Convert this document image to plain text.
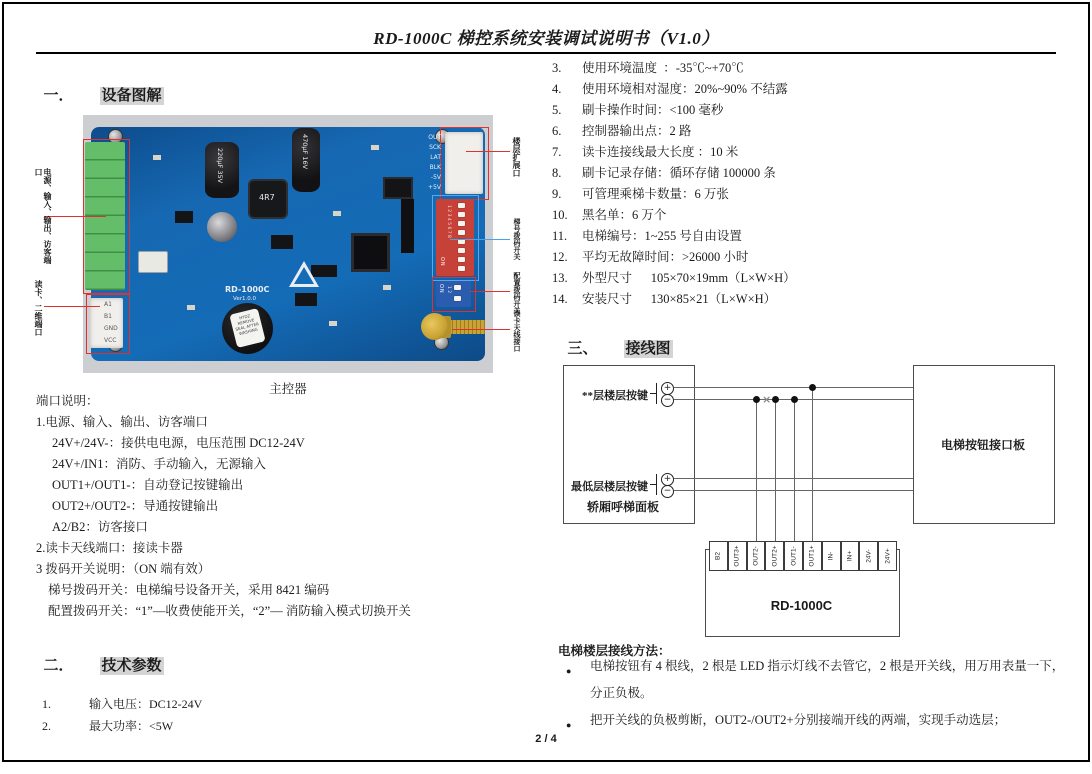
RD-1000C 梯控系统安装调试说明书（V1.0）

一． 设备图解

A1
B1
GND
VCC
OUT
SCK
LAT
BLK
-5V
+5V
ON
1 2 3 4 5 6 7 8
ON 1 2
HYDZ REMOVE SEAL AFTER WASHING
220μF 35V	470μF 16V
4R7
RD-1000C
Ver1.0.0
电源、输入、输出、访客端口
读卡、二维端口
楼层扩展口
梯号拨码开关
配置拨码开关
读卡天线接口
主控器
端口说明：
1.电源、输入、输出、访客端口
24V+/24V-：接供电电源，电压范围 DC12-24V
24V+/IN1：消防、手动输入，无源输入
OUT1+/OUT1-：自动登记按键输出
OUT2+/OUT2-：导通按键输出
A2/B2：访客接口
2.读卡天线端口：接读卡器
3 拨码开关说明：（ON 端有效）
梯号拨码开关：电梯编号设备开关，采用 8421 编码
配置拨码开关：“1”—收费使能开关，“2”— 消防输入模式切换开关

二． 技术参数

1.	输入电压：DC12-24V

2.	最大功率：<5W

3. 使用环境温度  ：-35℃~+70℃
4. 使用环境相对湿度：20%~90% 不结露
5. 刷卡操作时间：<100 毫秒
6. 控制器输出点：2 路
7. 读卡连接线最大长度 ：10 米
8. 刷卡记录存储：循环存储 100000 条
9. 可管理乘梯卡数量：6 万张
10. 黑名单：6 万个
11. 电梯编号：1~255 号自由设置
12. 平均无故障时间：>26000 小时
13. 外型尺寸      105×70×19mm（L×W×H）
14. 安装尺寸      130×85×21（L×W×H）

三、 接线图

电梯按钮接口板
**层楼层按键
+
−
最低层楼层按键
+
−
轿厢呼梯面板
×
B2 OUT3+ OUT2- OUT2+ OUT1- OUT1+ IN- IN+ 24V- 24V+
RD-1000C
电梯楼层接线方法：
● 电梯按钮有 4 根线，2 根是 LED 指示灯线不去管它，2 根是开关线，用万用表量一下，分正负极。
● 把开关线的负极剪断，OUT2-/OUT2+分别接端开线的两端，实现手动选层；
2 / 4
